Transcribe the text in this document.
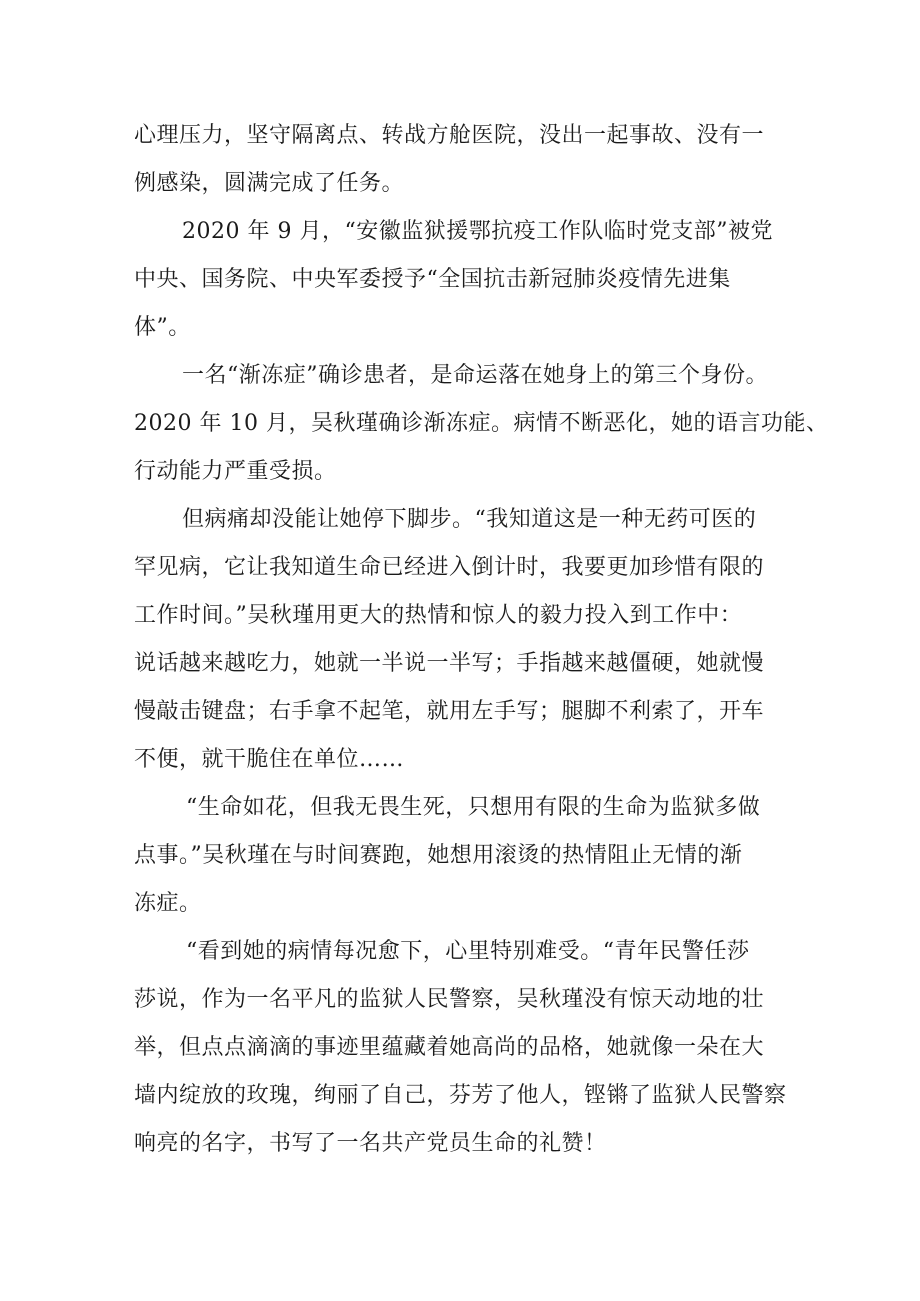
心理压力，坚守隔离点、转战方舱医院，没出一起事故、没有一
例感染，圆满完成了任务。
2020 年 9 月，“安徽监狱援鄂抗疫工作队临时党支部”被党
中央、国务院、中央军委授予“全国抗击新冠肺炎疫情先进集
体”。
一名“渐冻症”确诊患者，是命运落在她身上的第三个身份。
2020 年 10 月，吴秋瑾确诊渐冻症。病情不断恶化，她的语言功能、
行动能力严重受损。
但病痛却没能让她停下脚步。“我知道这是一种无药可医的
罕见病，它让我知道生命已经进入倒计时，我要更加珍惜有限的
工作时间。”吴秋瑾用更大的热情和惊人的毅力投入到工作中：
说话越来越吃力，她就一半说一半写；手指越来越僵硬，她就慢
慢敲击键盘；右手拿不起笔，就用左手写；腿脚不利索了，开车
不便，就干脆住在单位……
“生命如花，但我无畏生死，只想用有限的生命为监狱多做
点事。”吴秋瑾在与时间赛跑，她想用滚烫的热情阻止无情的渐
冻症。
“看到她的病情每况愈下，心里特别难受。“青年民警任莎
莎说，作为一名平凡的监狱人民警察，吴秋瑾没有惊天动地的壮
举，但点点滴滴的事迹里蕴藏着她高尚的品格，她就像一朵在大
墙内绽放的玫瑰，绚丽了自己，芬芳了他人，铿锵了监狱人民警察
响亮的名字，书写了一名共产党员生命的礼赞！
